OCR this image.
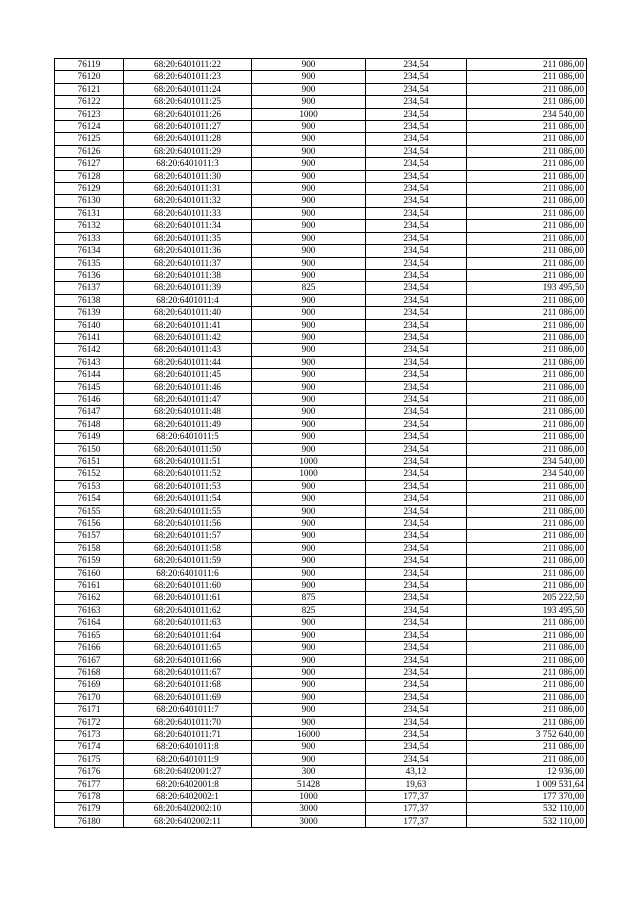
76119	68:20:6401011:22	900	234,54	211 086,00
76120	68:20:6401011:23	900	234,54	211 086,00
76121	68:20:6401011:24	900	234,54	211 086,00
76122	68:20:6401011:25	900	234,54	211 086,00
76123	68:20:6401011:26	1000	234,54	234 540,00
76124	68:20:6401011:27	900	234,54	211 086,00
76125	68:20:6401011:28	900	234,54	211 086,00
76126	68:20:6401011:29	900	234,54	211 086,00
76127	68:20:6401011:3	900	234,54	211 086,00
76128	68:20:6401011:30	900	234,54	211 086,00
76129	68:20:6401011:31	900	234,54	211 086,00
76130	68:20:6401011:32	900	234,54	211 086,00
76131	68:20:6401011:33	900	234,54	211 086,00
76132	68:20:6401011:34	900	234,54	211 086,00
76133	68:20:6401011:35	900	234,54	211 086,00
76134	68:20:6401011:36	900	234,54	211 086,00
76135	68:20:6401011:37	900	234,54	211 086,00
76136	68:20:6401011:38	900	234,54	211 086,00
76137	68:20:6401011:39	825	234,54	193 495,50
76138	68:20:6401011:4	900	234,54	211 086,00
76139	68:20:6401011:40	900	234,54	211 086,00
76140	68:20:6401011:41	900	234,54	211 086,00
76141	68:20:6401011:42	900	234,54	211 086,00
76142	68:20:6401011:43	900	234,54	211 086,00
76143	68:20:6401011:44	900	234,54	211 086,00
76144	68:20:6401011:45	900	234,54	211 086,00
76145	68:20:6401011:46	900	234,54	211 086,00
76146	68:20:6401011:47	900	234,54	211 086,00
76147	68:20:6401011:48	900	234,54	211 086,00
76148	68:20:6401011:49	900	234,54	211 086,00
76149	68:20:6401011:5	900	234,54	211 086,00
76150	68:20:6401011:50	900	234,54	211 086,00
76151	68:20:6401011:51	1000	234,54	234 540,00
76152	68:20:6401011:52	1000	234,54	234 540,00
76153	68:20:6401011:53	900	234,54	211 086,00
76154	68:20:6401011:54	900	234,54	211 086,00
76155	68:20:6401011:55	900	234,54	211 086,00
76156	68:20:6401011:56	900	234,54	211 086,00
76157	68:20:6401011:57	900	234,54	211 086,00
76158	68:20:6401011:58	900	234,54	211 086,00
76159	68:20:6401011:59	900	234,54	211 086,00
76160	68:20:6401011:6	900	234,54	211 086,00
76161	68:20:6401011:60	900	234,54	211 086,00
76162	68:20:6401011:61	875	234,54	205 222,50
76163	68:20:6401011:62	825	234,54	193 495,50
76164	68:20:6401011:63	900	234,54	211 086,00
76165	68:20:6401011:64	900	234,54	211 086,00
76166	68:20:6401011:65	900	234,54	211 086,00
76167	68:20:6401011:66	900	234,54	211 086,00
76168	68:20:6401011:67	900	234,54	211 086,00
76169	68:20:6401011:68	900	234,54	211 086,00
76170	68:20:6401011:69	900	234,54	211 086,00
76171	68:20:6401011:7	900	234,54	211 086,00
76172	68:20:6401011:70	900	234,54	211 086,00
76173	68:20:6401011:71	16000	234,54	3 752 640,00
76174	68:20:6401011:8	900	234,54	211 086,00
76175	68:20:6401011:9	900	234,54	211 086,00
76176	68:20:6402001:27	300	43,12	12 936,00
76177	68:20:6402001:8	51428	19,63	1 009 531,64
76178	68:20:6402002:1	1000	177,37	177 370,00
76179	68:20:6402002:10	3000	177,37	532 110,00
76180	68:20:6402002:11	3000	177,37	532 110,00
